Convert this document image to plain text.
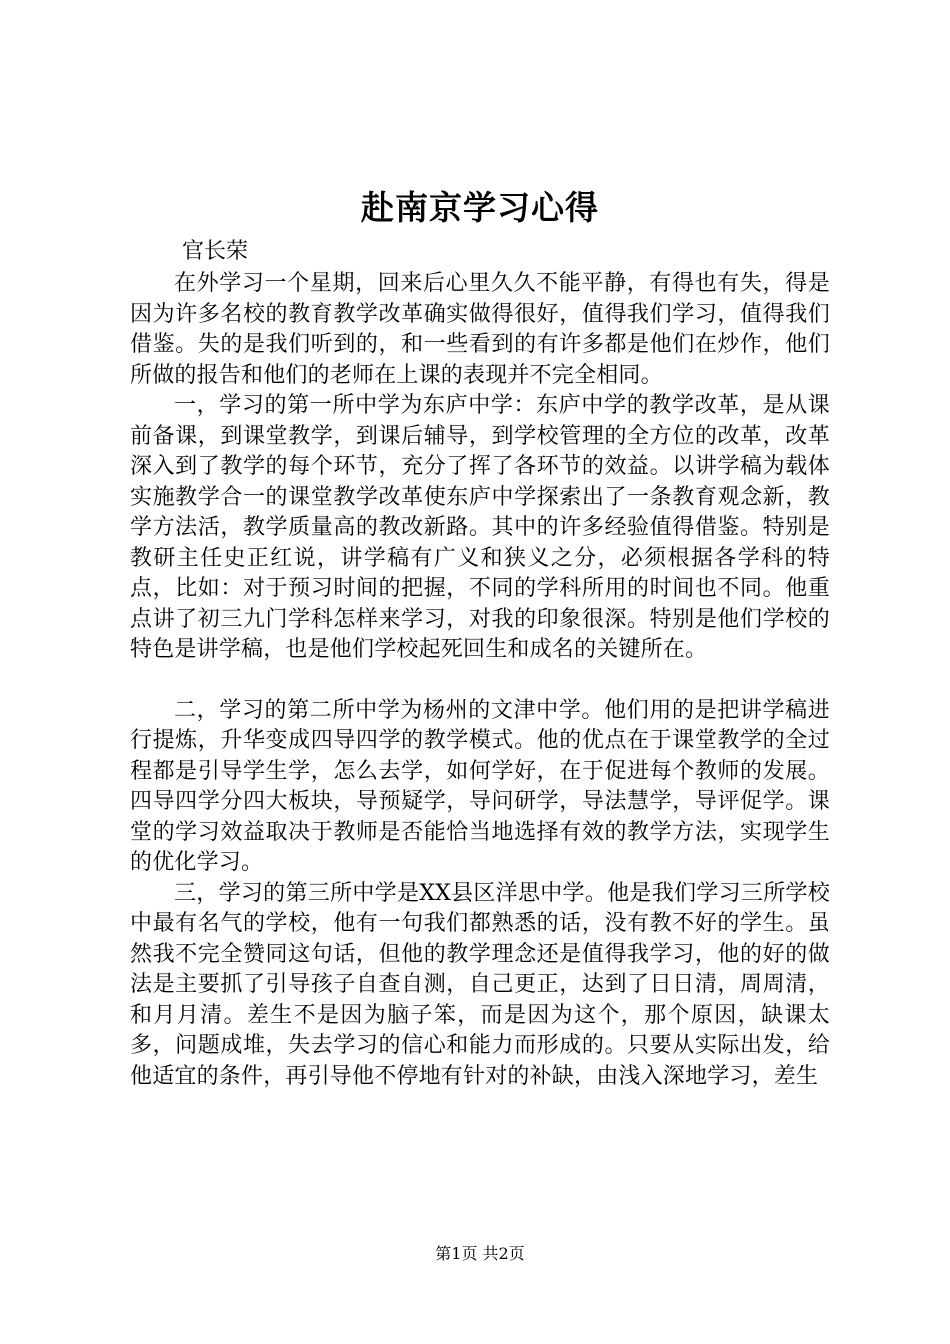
赴南京学习心得
官长荣

在外学习一个星期，回来后心里久久不能平静，有得也有失，得是因为许多名校的教育教学改革确实做得很好，值得我们学习，值得我们借鉴。失的是我们听到的，和一些看到的有许多都是他们在炒作，他们所做的报告和他们的老师在上课的表现并不完全相同。

一，学习的第一所中学为东庐中学：东庐中学的教学改革，是从课前备课，到课堂教学，到课后辅导，到学校管理的全方位的改革，改革深入到了教学的每个环节，充分了挥了各环节的效益。以讲学稿为载体实施教学合一的课堂教学改革使东庐中学探索出了一条教育观念新，教学方法活，教学质量高的教改新路。其中的许多经验值得借鉴。特别是教研主任史正红说，讲学稿有广义和狭义之分，必须根据各学科的特点，比如：对于预习时间的把握，不同的学科所用的时间也不同。他重点讲了初三九门学科怎样来学习，对我的印象很深。特别是他们学校的特色是讲学稿，也是他们学校起死回生和成名的关键所在。

二，学习的第二所中学为杨州的文津中学。他们用的是把讲学稿进行提炼，升华变成四导四学的教学模式。他的优点在于课堂教学的全过程都是引导学生学，怎么去学，如何学好，在于促进每个教师的发展。四导四学分四大板块，导预疑学，导问研学，导法慧学，导评促学。课堂的学习效益取决于教师是否能恰当地选择有效的教学方法，实现学生的优化学习。

三，学习的第三所中学是XX县区洋思中学。他是我们学习三所学校中最有名气的学校，他有一句我们都熟悉的话，没有教不好的学生。虽然我不完全赞同这句话，但他的教学理念还是值得我学习，他的好的做法是主要抓了引导孩子自查自测，自己更正，达到了日日清，周周清，和月月清。差生不是因为脑子笨，而是因为这个，那个原因，缺课太多，问题成堆，失去学习的信心和能力而形成的。只要从实际出发，给他适宜的条件，再引导他不停地有针对的补缺，由浅入深地学习，差生

第1页 共2页
